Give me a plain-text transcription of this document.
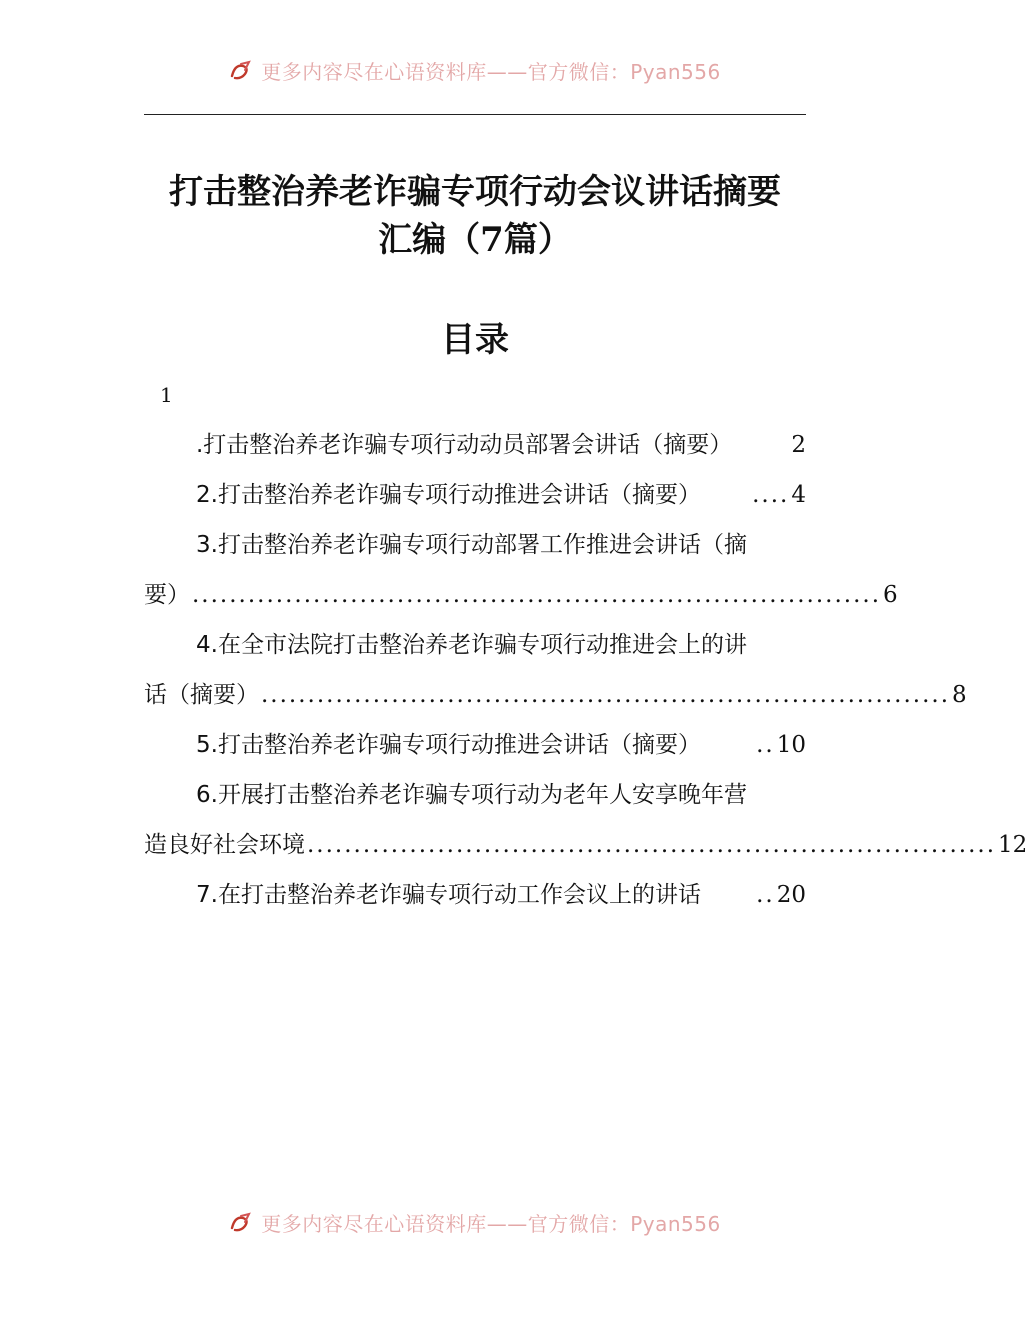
更多内容尽在心语资料库——官方微信：Pyan556
打击整治养老诈骗专项行动会议讲话摘要
汇编（7篇）
目录
1
.打击整治养老诈骗专项行动动员部署会讲话（摘要）	2
2.打击整治养老诈骗专项行动推进会讲话（摘要）	.... 4
3.打击整治养老诈骗专项行动部署工作推进会讲话（摘
要） .......................................................................... 6
4.在全市法院打击整治养老诈骗专项行动推进会上的讲
话（摘要） .......................................................................... 8
5.打击整治养老诈骗专项行动推进会讲话（摘要）	.. 10
6.开展打击整治养老诈骗专项行动为老年人安享晚年营
造良好社会环境 .......................................................................... 12
7.在打击整治养老诈骗专项行动工作会议上的讲话	.. 20
更多内容尽在心语资料库——官方微信：Pyan556
